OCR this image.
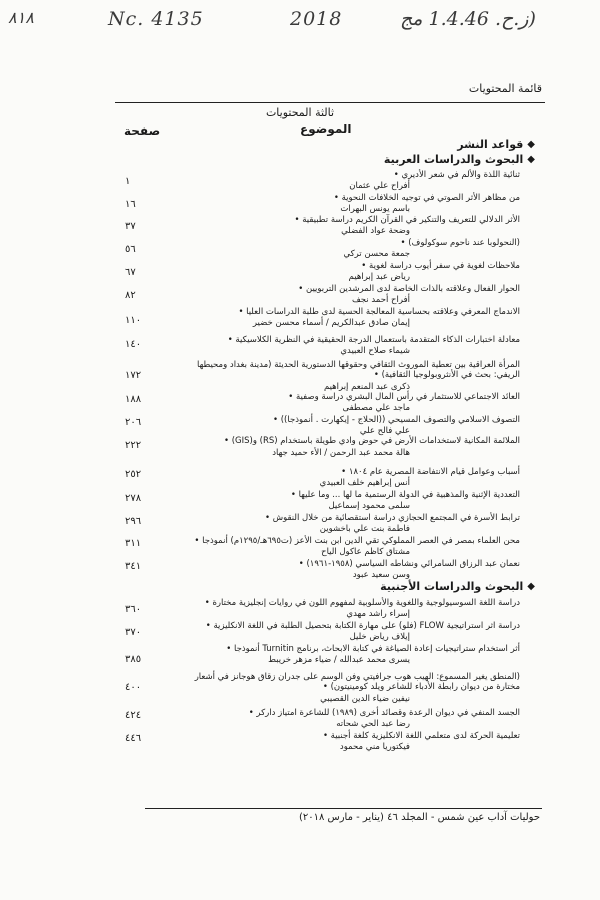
٨١٨	Nc. 4135	2018	(ز.ح. 1.4.46 مج
قائمة المحتويات
ثالثة المحتويات
الموضوع
صفحة
◆
قواعد النشر
◆
البحوث والدراسات العربية
ثنائية اللذة والألم في شعر الأديري •
أفراح علي عثمان
١
من مظاهر الأثر الصوتي في توجيه الخلافات النحوية •
باسم يونس البهرات
١٦
الأثر الدلالي للتعريف والتنكير في القرآن الكريم دراسة تطبيقية •
وضحة عواد الفضلي
٣٧
(النحولوبا عند ناحوم سوكولوف) •
جمعة محسن تركي
٥٦
ملاحظات لغوية في سفر أيوب دراسة لغوية •
رياض عبد إبراهيم
٦٧
الحوار الفعال وعلاقته بالذات الخاصة لدى المرشدين التربويين •
أفراح أحمد نجف
٨٢
الاندماج المعرفي وعلاقته بحساسية المعالجة الحسية لدى طلبة الدراسات العليا •
إيمان صادق عبدالكريم / أسماء محسن خضير
١١٠
معادلة اختبارات الذكاء المتقدمة باستعمال الدرجة الحقيقية في النظرية الكلاسيكية •
شيماء صلاح العبيدي
١٤٠
المرأة العراقية بين تعطية الموروث الثقافي وحقوقها الدستورية الحديثة (مدينة بغداد ومحيطها الريفي: بحث في الأنثروبولوجيا الثقافية) •
ذكرى عبد المنعم إبراهيم
١٧٢
العائد الاجتماعي للاستثمار في رأس المال البشري دراسة وصفية •
ماجد علي مصطفى
١٨٨
التصوف الاسلامي والتصوف المسيحي ((الحلاج - إيكهارت . أنموذجا)) •
علي فالح علي
٢٠٦
الملائمة المكانية لاستخدامات الأرض في حوض وادي طويلة باستخدام (RS) و(GIS) •
هالة محمد عبد الرحمن / الأء حميد جهاد
٢٢٢
أسباب وعوامل قيام الانتفاضة المصرية عام ١٨٠٤ •
أنس إبراهيم خلف العبيدي
٢٥٢
التعددية الإثنية والمذهبية في الدولة الرستمية ما لها ... وما عليها •
سلمى محمود إسماعيل
٢٧٨
ترابط الأسرة في المجتمع الحجازي دراسة استقصائية من خلال النقوش •
فاطمة بنت علي باخشوين
٢٩٦
محن العلماء بمصر في العصر المملوكي تقي الدين ابن بنت الأعز (ت٦٩٥هـ/١٢٩٥م) أنموذجا •
مشتاق كاظم عاكول الياح
٣١١
نعمان عبد الرزاق السامرائي ونشاطه السياسي (١٩٥٨-١٩٦١) •
وسن سعيد عبود
٣٤١
◆
البحوث والدراسات الأجنبية
دراسة اللغة السوسيولوجية واللغوية والأسلوبية لمفهوم اللون في روايات إنجليزية مختارة •
إسراء راشد مهدي
٣٦٠
دراسة اثر استراتيجية FLOW (فلو) على مهارة الكتابة بتحصيل الطلبة في اللغة الانكليزية •
إيلاف رياض خليل
٣٧٠
أثر استخدام ستراتيجيات إعادة الصياغة في كتابة الابحاث، برنامج Turnitin أنموذجا •
يسرى محمد عبدالله / ضياء مزهر خريبط
٣٨٥
(المنطق يغير المسموع: الهيب هوب جرافيتي وفن الوسم على جدران زقاق هوجانز في أشعار مختارة من ديوان رابطة الأدباء للشاعر ويلد كومينيتون) •
نيفين ضياء الدين القصيبي
٤٠٠
الجسد المنفي في ديوان الرعدة وقصائد أخرى (١٩٨٩) للشاعرة امتياز داركر •
رضا عبد الحي شحاته
٤٢٤
تعليمية الحركة لدى متعلمي اللغة الانكليزية كلغة أجنبية •
فيكتوريا مني محمود
٤٤٦
حوليات آداب عين شمس - المجلد ٤٦ (يناير - مارس ٢٠١٨)
